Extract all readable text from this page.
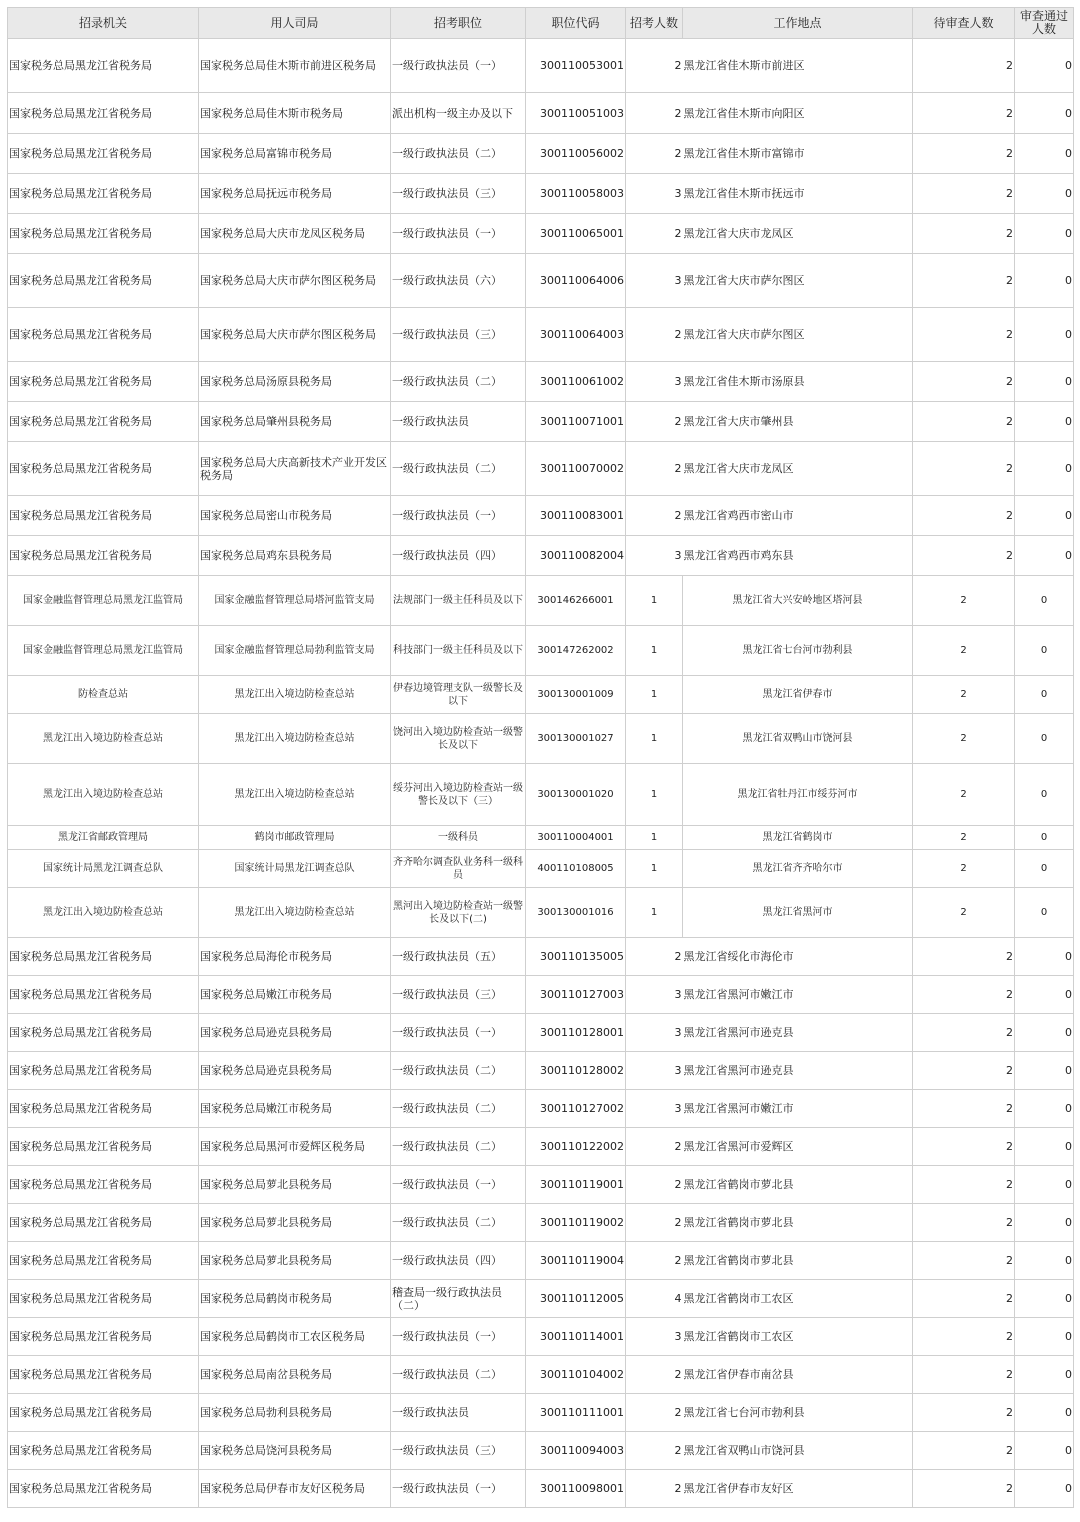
招录机关	用人司局	招考职位	职位代码	招考人数	工作地点	待审查人数	审查通过人数
国家税务总局黑龙江省税务局	国家税务总局佳木斯市前进区税务局	一级行政执法员（一）	300110053001	2	黑龙江省佳木斯市前进区	2	0
国家税务总局黑龙江省税务局	国家税务总局佳木斯市税务局	派出机构一级主办及以下	300110051003	2	黑龙江省佳木斯市向阳区	2	0
国家税务总局黑龙江省税务局	国家税务总局富锦市税务局	一级行政执法员（二）	300110056002	2	黑龙江省佳木斯市富锦市	2	0
国家税务总局黑龙江省税务局	国家税务总局抚远市税务局	一级行政执法员（三）	300110058003	3	黑龙江省佳木斯市抚远市	2	0
国家税务总局黑龙江省税务局	国家税务总局大庆市龙凤区税务局	一级行政执法员（一）	300110065001	2	黑龙江省大庆市龙凤区	2	0
国家税务总局黑龙江省税务局	国家税务总局大庆市萨尔图区税务局	一级行政执法员（六）	300110064006	3	黑龙江省大庆市萨尔图区	2	0
国家税务总局黑龙江省税务局	国家税务总局大庆市萨尔图区税务局	一级行政执法员（三）	300110064003	2	黑龙江省大庆市萨尔图区	2	0
国家税务总局黑龙江省税务局	国家税务总局汤原县税务局	一级行政执法员（二）	300110061002	3	黑龙江省佳木斯市汤原县	2	0
国家税务总局黑龙江省税务局	国家税务总局肇州县税务局	一级行政执法员	300110071001	2	黑龙江省大庆市肇州县	2	0
国家税务总局黑龙江省税务局	国家税务总局大庆高新技术产业开发区税务局	一级行政执法员（二）	300110070002	2	黑龙江省大庆市龙凤区	2	0
国家税务总局黑龙江省税务局	国家税务总局密山市税务局	一级行政执法员（一）	300110083001	2	黑龙江省鸡西市密山市	2	0
国家税务总局黑龙江省税务局	国家税务总局鸡东县税务局	一级行政执法员（四）	300110082004	3	黑龙江省鸡西市鸡东县	2	0
国家金融监督管理总局黑龙江监管局	国家金融监督管理总局塔河监管支局	法规部门一级主任科员及以下	300146266001	1	黑龙江省大兴安岭地区塔河县	2	0
国家金融监督管理总局黑龙江监管局	国家金融监督管理总局勃利监管支局	科技部门一级主任科员及以下	300147262002	1	黑龙江省七台河市勃利县	2	0
防检查总站	黑龙江出入境边防检查总站	伊春边境管理支队一级警长及以下	300130001009	1	黑龙江省伊春市	2	0
黑龙江出入境边防检查总站	黑龙江出入境边防检查总站	饶河出入境边防检查站一级警长及以下	300130001027	1	黑龙江省双鸭山市饶河县	2	0
黑龙江出入境边防检查总站	黑龙江出入境边防检查总站	绥芬河出入境边防检查站一级警长及以下（三）	300130001020	1	黑龙江省牡丹江市绥芬河市	2	0
黑龙江省邮政管理局	鹤岗市邮政管理局	一级科员	300110004001	1	黑龙江省鹤岗市	2	0
国家统计局黑龙江调查总队	国家统计局黑龙江调查总队	齐齐哈尔调查队业务科一级科员	400110108005	1	黑龙江省齐齐哈尔市	2	0
黑龙江出入境边防检查总站	黑龙江出入境边防检查总站	黑河出入境边防检查站一级警长及以下(二)	300130001016	1	黑龙江省黑河市	2	0
国家税务总局黑龙江省税务局	国家税务总局海伦市税务局	一级行政执法员（五）	300110135005	2	黑龙江省绥化市海伦市	2	0
国家税务总局黑龙江省税务局	国家税务总局嫩江市税务局	一级行政执法员（三）	300110127003	3	黑龙江省黑河市嫩江市	2	0
国家税务总局黑龙江省税务局	国家税务总局逊克县税务局	一级行政执法员（一）	300110128001	3	黑龙江省黑河市逊克县	2	0
国家税务总局黑龙江省税务局	国家税务总局逊克县税务局	一级行政执法员（二）	300110128002	3	黑龙江省黑河市逊克县	2	0
国家税务总局黑龙江省税务局	国家税务总局嫩江市税务局	一级行政执法员（二）	300110127002	3	黑龙江省黑河市嫩江市	2	0
国家税务总局黑龙江省税务局	国家税务总局黑河市爱辉区税务局	一级行政执法员（二）	300110122002	2	黑龙江省黑河市爱辉区	2	0
国家税务总局黑龙江省税务局	国家税务总局萝北县税务局	一级行政执法员（一）	300110119001	2	黑龙江省鹤岗市萝北县	2	0
国家税务总局黑龙江省税务局	国家税务总局萝北县税务局	一级行政执法员（二）	300110119002	2	黑龙江省鹤岗市萝北县	2	0
国家税务总局黑龙江省税务局	国家税务总局萝北县税务局	一级行政执法员（四）	300110119004	2	黑龙江省鹤岗市萝北县	2	0
国家税务总局黑龙江省税务局	国家税务总局鹤岗市税务局	稽查局一级行政执法员（二）	300110112005	4	黑龙江省鹤岗市工农区	2	0
国家税务总局黑龙江省税务局	国家税务总局鹤岗市工农区税务局	一级行政执法员（一）	300110114001	3	黑龙江省鹤岗市工农区	2	0
国家税务总局黑龙江省税务局	国家税务总局南岔县税务局	一级行政执法员（二）	300110104002	2	黑龙江省伊春市南岔县	2	0
国家税务总局黑龙江省税务局	国家税务总局勃利县税务局	一级行政执法员	300110111001	2	黑龙江省七台河市勃利县	2	0
国家税务总局黑龙江省税务局	国家税务总局饶河县税务局	一级行政执法员（三）	300110094003	2	黑龙江省双鸭山市饶河县	2	0
国家税务总局黑龙江省税务局	国家税务总局伊春市友好区税务局	一级行政执法员（一）	300110098001	2	黑龙江省伊春市友好区	2	0
